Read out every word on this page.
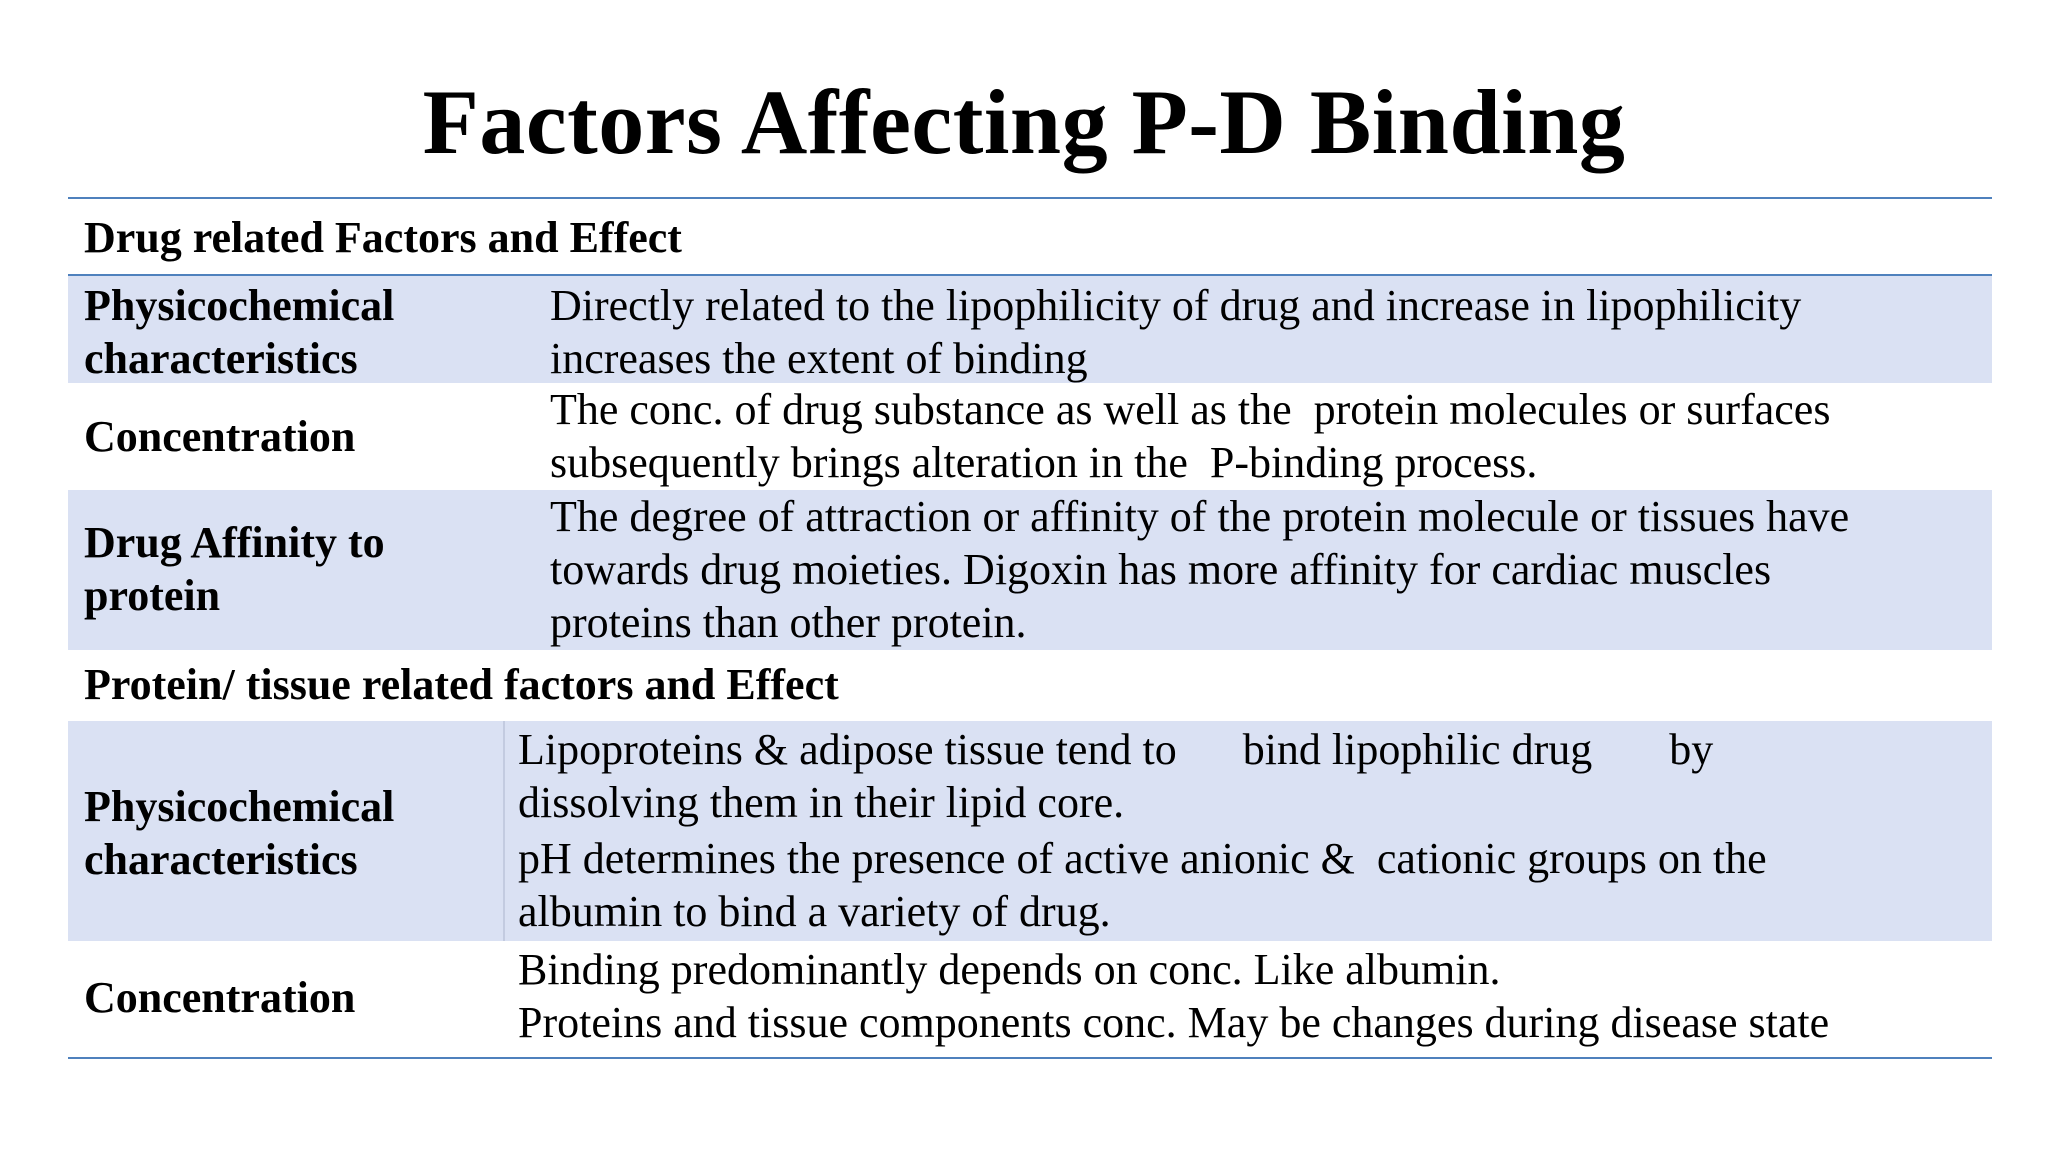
Factors Affecting P-D Binding
Drug related Factors and Effect
Physicochemical
characteristics

Directly related to the lipophilicity of drug and increase in lipophilicity

increases the extent of binding

Concentration

The conc. of drug substance as well as the  protein molecules or surfaces

subsequently brings alteration in the  P-binding process.

Drug Affinity to
protein

The degree of attraction or affinity of the protein molecule or tissues have

towards drug moieties. Digoxin has more affinity for cardiac muscles

proteins than other protein.

Protein/ tissue related factors and Effect
Physicochemical
characteristics

Lipoproteins & adipose tissue tend to      bind lipophilic drug       by

dissolving them in their lipid core.

pH determines the presence of active anionic &  cationic groups on the

albumin to bind a variety of drug.

Concentration

Binding predominantly depends on conc. Like albumin.

Proteins and tissue components conc. May be changes during disease state
